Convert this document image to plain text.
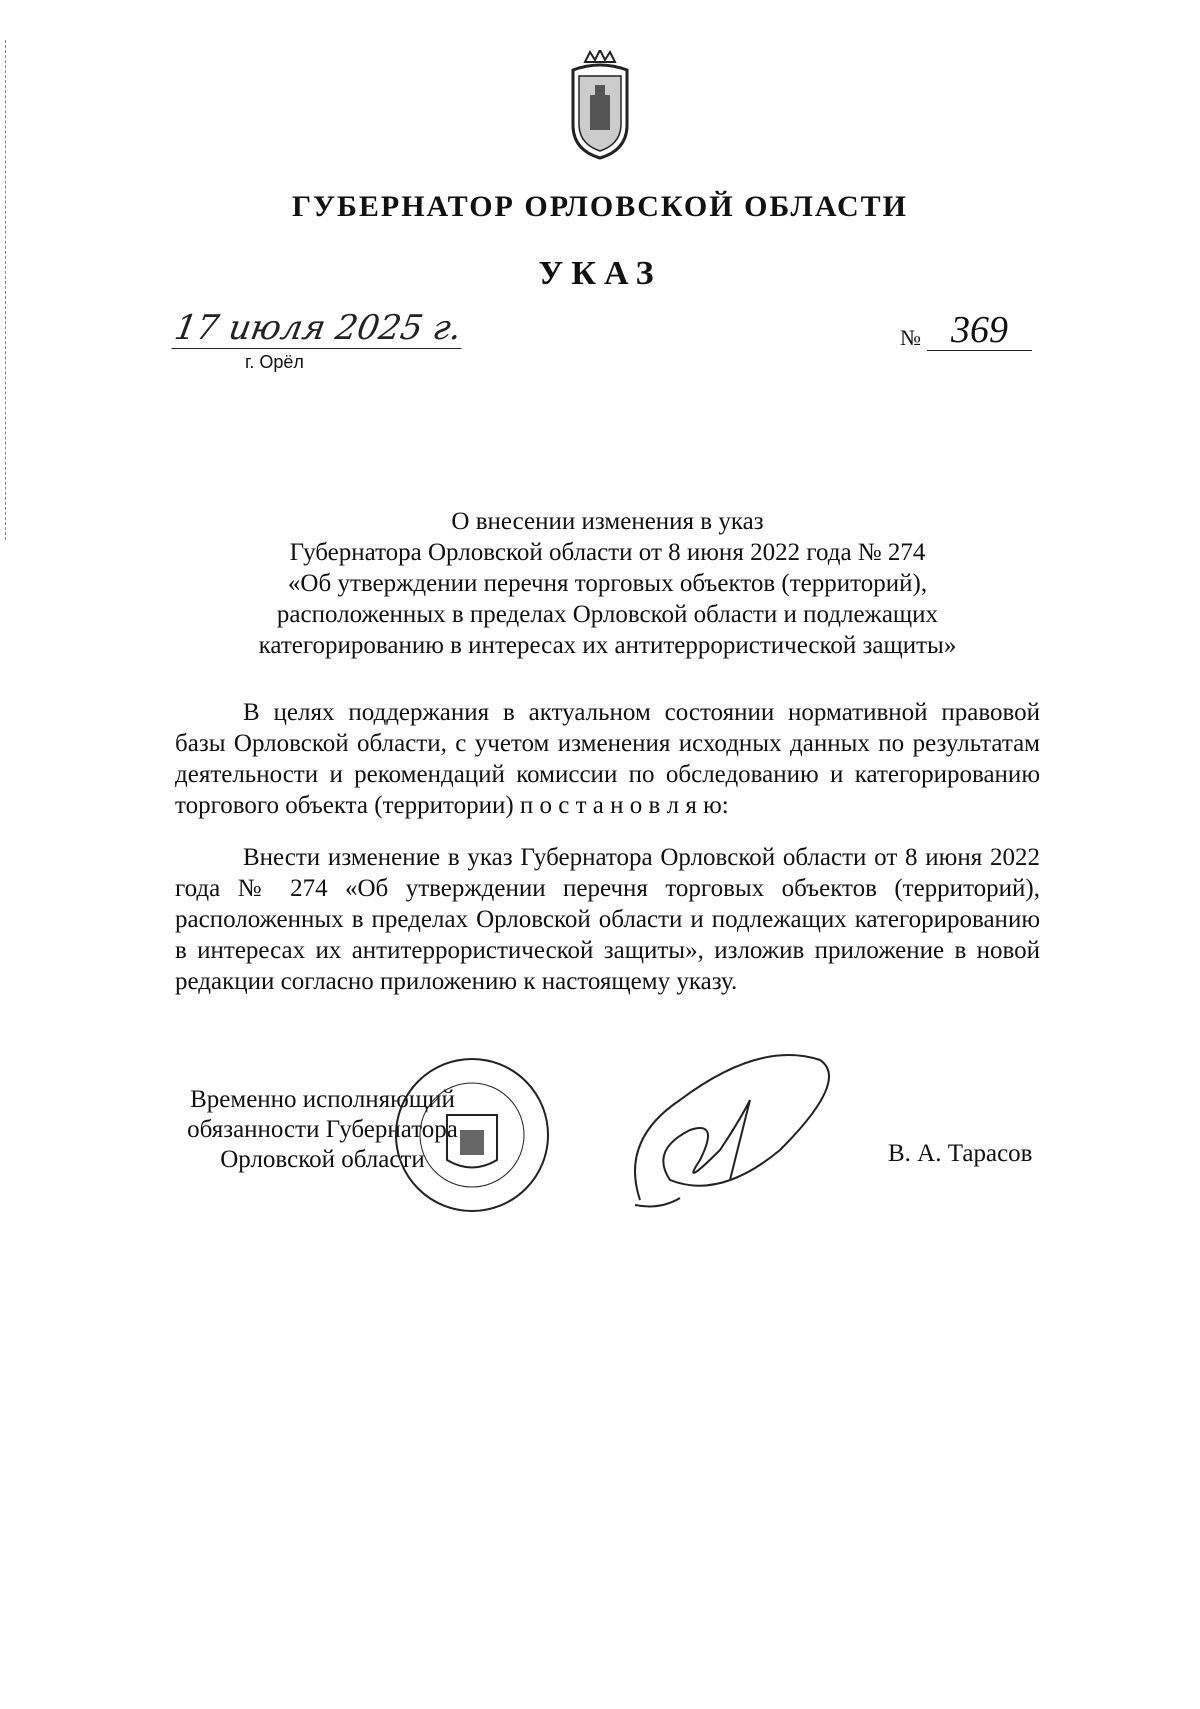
ГУБЕРНАТОР ОРЛОВСКОЙ ОБЛАСТИ
УКАЗ
17 июля 2025 г.
г. Орёл
№ 369
О внесении изменения в указ
Губернатора Орловской области от 8 июня 2022 года № 274
«Об утверждении перечня торговых объектов (территорий),
расположенных в пределах Орловской области и подлежащих
категорированию в интересах их антитеррористической защиты»
В целях поддержания в актуальном состоянии нормативной правовой базы Орловской области, с учетом изменения исходных данных по результатам деятельности и рекомендаций комиссии по обследованию и категорированию торгового объекта (территории) п о с т а н о в л я ю:
Внести изменение в указ Губернатора Орловской области от 8 июня 2022 года № 274 «Об утверждении перечня торговых объектов (территорий), расположенных в пределах Орловской области и подлежащих категорированию в интересах их антитеррористической защиты», изложив приложение в новой редакции согласно приложению к настоящему указу.
Временно исполняющий
обязанности Губернатора
Орловской области	В. А. Тарасов
